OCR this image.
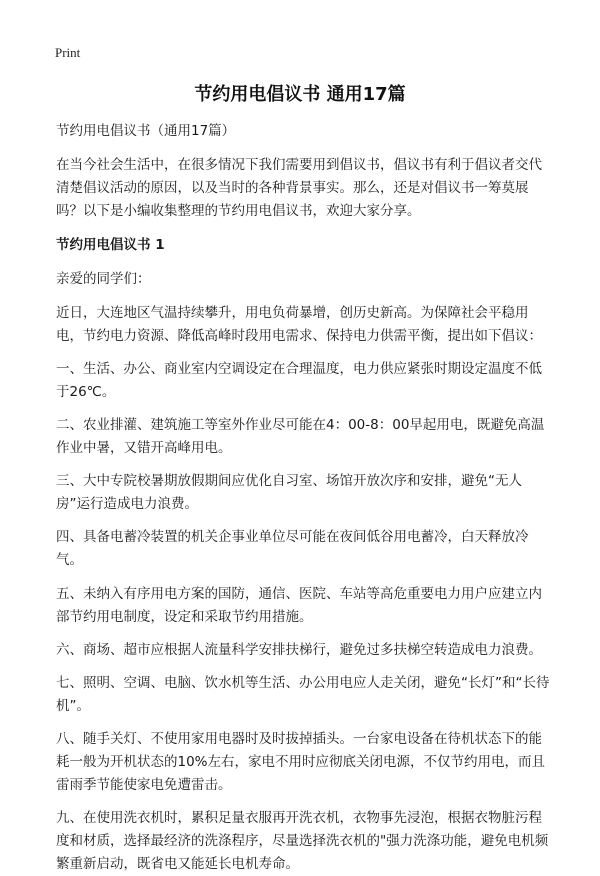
Print
节约用电倡议书 通用17篇

节约用电倡议书（通用17篇）

在当今社会生活中，在很多情况下我们需要用到倡议书，倡议书有利于倡议者交代清楚倡议活动的原因，以及当时的各种背景事实。那么，还是对倡议书一筹莫展吗？以下是小编收集整理的节约用电倡议书，欢迎大家分享。

节约用电倡议书 1

亲爱的同学们：

近日，大连地区气温持续攀升，用电负荷暴增，创历史新高。为保障社会平稳用电，节约电力资源、降低高峰时段用电需求、保持电力供需平衡，提出如下倡议：

一、生活、办公、商业室内空调设定在合理温度，电力供应紧张时期设定温度不低于26℃。

二、农业排灌、建筑施工等室外作业尽可能在4：00-8：00早起用电，既避免高温作业中暑，又错开高峰用电。

三、大中专院校暑期放假期间应优化自习室、场馆开放次序和安排，避免“无人房”运行造成电力浪费。

四、具备电蓄冷装置的机关企事业单位尽可能在夜间低谷用电蓄冷，白天释放冷气。

五、未纳入有序用电方案的国防，通信、医院、车站等高危重要电力用户应建立内部节约用电制度，设定和采取节约用措施。

六、商场、超市应根据人流量科学安排扶梯行，避免过多扶梯空转造成电力浪费。

七、照明、空调、电脑、饮水机等生活、办公用电应人走关闭，避免“长灯”和“长待机”。

八、随手关灯、不使用家用电器时及时拔掉插头。一台家电设备在待机状态下的能耗一般为开机状态的10%左右，家电不用时应彻底关闭电源，不仅节约用电，而且雷雨季节能使家电免遭雷击。

九、在使用洗衣机时，累积足量衣服再开洗衣机，衣物事先浸泡，根据衣物脏污程度和材质，选择最经济的洗涤程序，尽量选择洗衣机的"强力洗涤功能，避免电机频繁重新启动，既省电又能延长电机寿命。
